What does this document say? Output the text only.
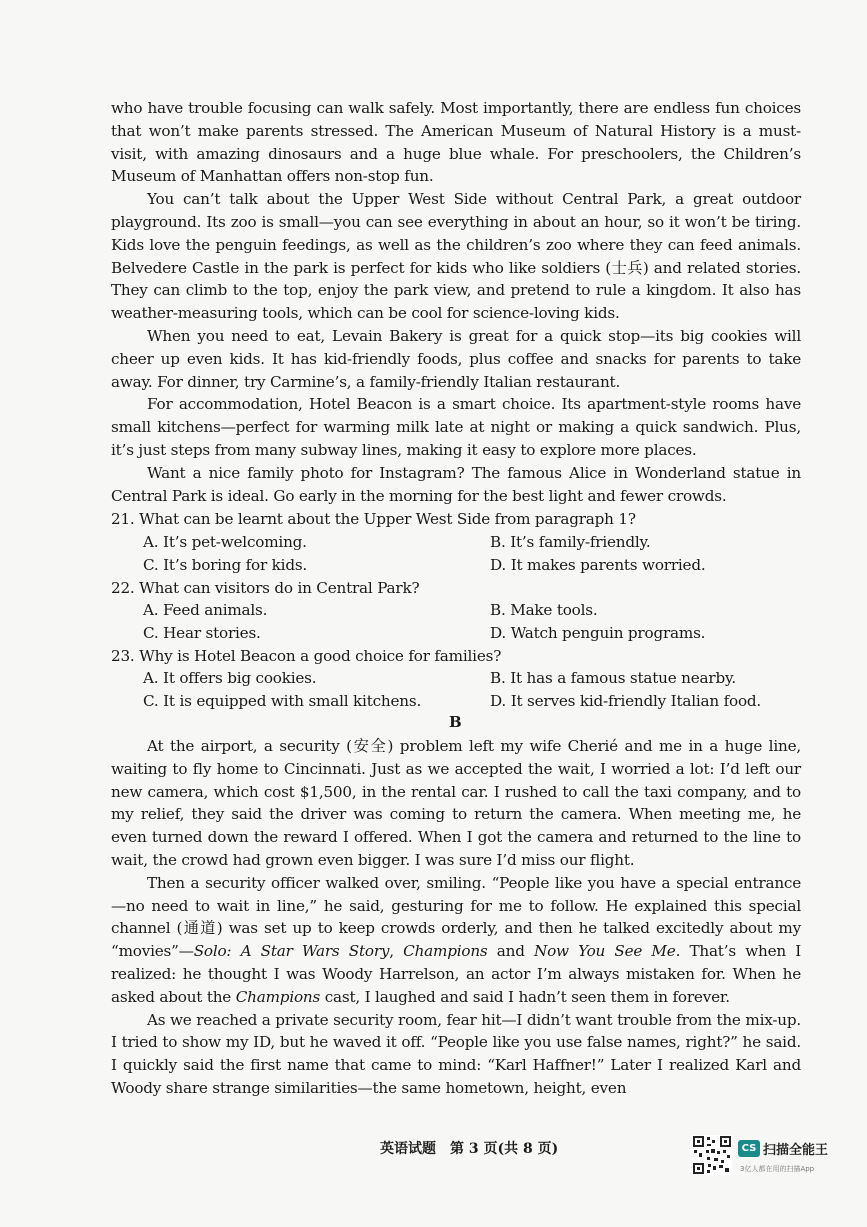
who have trouble focusing can walk safely. Most importantly, there are endless fun choices that won’t make parents stressed. The American Museum of Natural History is a must-visit, with amazing dinosaurs and a huge blue whale. For preschoolers, the Children’s Museum of Manhattan offers non-stop fun.

You can’t talk about the Upper West Side without Central Park, a great outdoor playground. Its zoo is small—you can see everything in about an hour, so it won’t be tiring. Kids love the penguin feedings, as well as the children’s zoo where they can feed animals. Belvedere Castle in the park is perfect for kids who like soldiers (士兵) and related stories. They can climb to the top, enjoy the park view, and pretend to rule a kingdom. It also has weather-measuring tools, which can be cool for science-loving kids.

When you need to eat, Levain Bakery is great for a quick stop—its big cookies will cheer up even kids. It has kid-friendly foods, plus coffee and snacks for parents to take away. For dinner, try Carmine’s, a family-friendly Italian restaurant.

For accommodation, Hotel Beacon is a smart choice. Its apartment-style rooms have small kitchens—perfect for warming milk late at night or making a quick sandwich. Plus, it’s just steps from many subway lines, making it easy to explore more places.

Want a nice family photo for Instagram? The famous Alice in Wonderland statue in Central Park is ideal. Go early in the morning for the best light and fewer crowds.

21. What can be learnt about the Upper West Side from paragraph 1?
A. It’s pet-welcoming.	B. It’s family-friendly.
C. It’s boring for kids.	D. It makes parents worried.
22. What can visitors do in Central Park?
A. Feed animals.	B. Make tools.
C. Hear stories.	D. Watch penguin programs.
23. Why is Hotel Beacon a good choice for families?
A. It offers big cookies.	B. It has a famous statue nearby.
C. It is equipped with small kitchens.	D. It serves kid-friendly Italian food.
B

At the airport, a security (安全) problem left my wife Cherié and me in a huge line, waiting to fly home to Cincinnati. Just as we accepted the wait, I worried a lot: I’d left our new camera, which cost $1,500, in the rental car. I rushed to call the taxi company, and to my relief, they said the driver was coming to return the camera. When meeting me, he even turned down the reward I offered. When I got the camera and returned to the line to wait, the crowd had grown even bigger. I was sure I’d miss our flight.

Then a security officer walked over, smiling. “People like you have a special entrance—no need to wait in line,” he said, gesturing for me to follow. He explained this special channel (通道) was set up to keep crowds orderly, and then he talked excitedly about my “movies”—Solo: A Star Wars Story, Champions and Now You See Me. That’s when I realized: he thought I was Woody Harrelson, an actor I’m always mistaken for. When he asked about the Champions cast, I laughed and said I hadn’t seen them in forever.

As we reached a private security room, fear hit—I didn’t want trouble from the mix-up. I tried to show my ID, but he waved it off. “People like you use false names, right?” he said. I quickly said the first name that came to mind: “Karl Haffner!” Later I realized Karl and Woody share strange similarities—the same hometown, height, even

英语试题　第 3 页(共 8 页)	CS 扫描全能王
3亿人都在用的扫描App
